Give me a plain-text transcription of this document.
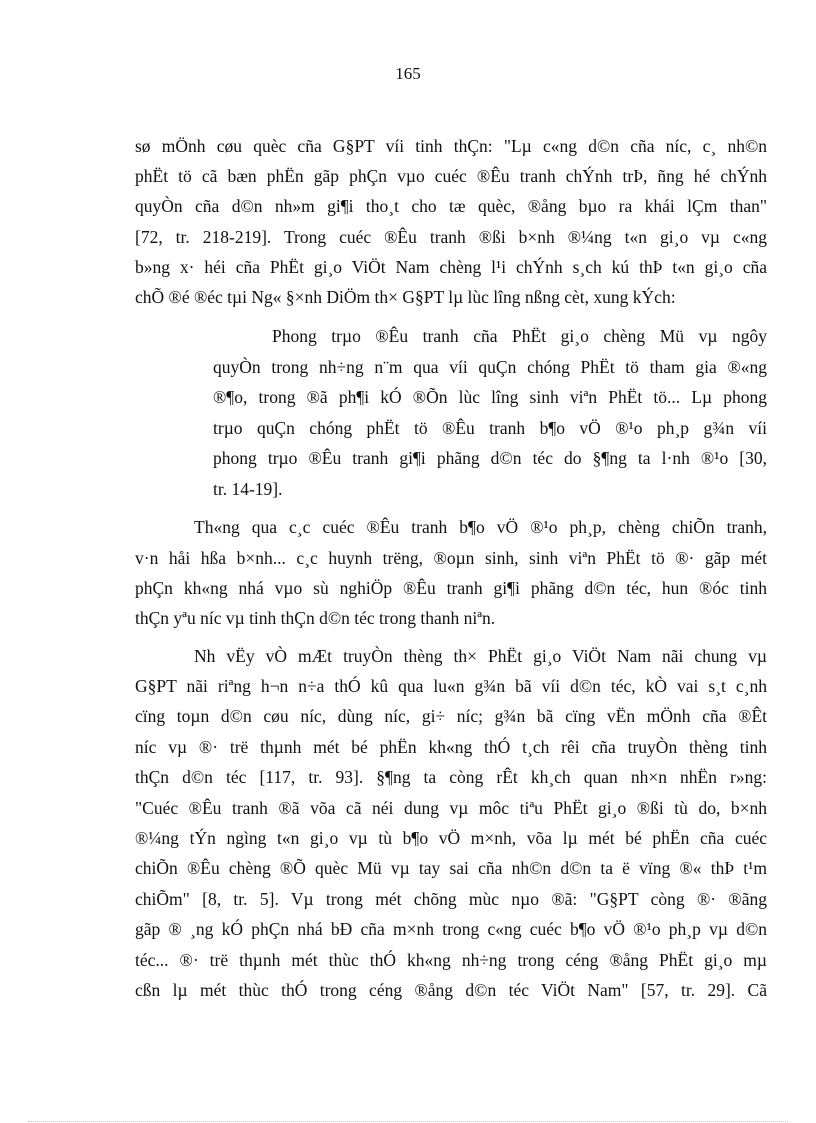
165
sø mÖnh cøu quèc cña G§PT víi tinh thÇn: "Lµ c«ng d©n cña níc, c¸ nh©n
phËt tö cã bæn phËn gãp phÇn vµo cuéc ®Êu tranh chÝnh trÞ, ñng hé chÝnh
quyÒn cña d©n nh»m gi¶i tho¸t cho tæ quèc, ®ång bµo ra khái lÇm than"
[72, tr. 218-219]. Trong cuéc ®Êu tranh ®ßi b×nh ®¼ng t«n gi¸o vµ c«ng
b»ng x· héi cña PhËt gi¸o ViÖt Nam chèng l¹i chÝnh s¸ch kú thÞ t«n gi¸o cña
chÕ ®é ®éc tµi Ng« §×nh DiÖm th× G§PT lµ lùc lîng nßng cèt, xung kÝch:
Phong trµo ®Êu tranh cña PhËt gi¸o chèng Mü vµ ngôy
quyÒn trong nh÷ng n¨m qua víi quÇn chóng PhËt tö tham gia ®«ng
®¶o, trong ®ã ph¶i kÓ ®Õn lùc lîng sinh viªn PhËt tö... Lµ phong
trµo quÇn chóng phËt tö ®Êu tranh b¶o vÖ ®¹o ph¸p g¾n víi
phong trµo ®Êu tranh gi¶i phãng d©n téc do §¶ng ta l·nh ®¹o [30,
tr. 14-19].
Th«ng qua c¸c cuéc ®Êu tranh b¶o vÖ ®¹o ph¸p, chèng chiÕn tranh,
v·n håi hßa b×nh... c¸c huynh trëng, ®oµn sinh, sinh viªn PhËt tö ®· gãp mét
phÇn kh«ng nhá vµo sù nghiÖp ®Êu tranh gi¶i phãng d©n téc, hun ®óc tinh
thÇn yªu níc vµ tinh thÇn d©n téc trong thanh niªn.
Nh vËy vÒ mÆt truyÒn thèng th× PhËt gi¸o ViÖt Nam nãi chung vµ
G§PT nãi riªng h¬n n÷a thÓ kû qua lu«n g¾n bã víi d©n téc, kÒ vai s¸t c¸nh
cïng toµn d©n cøu níc, dùng níc, gi÷ níc; g¾n bã cïng vËn mÖnh cña ®Êt
níc vµ ®· trë thµnh mét bé phËn kh«ng thÓ t¸ch rêi cña truyÒn thèng tinh
thÇn d©n téc [117, tr. 93]. §¶ng ta còng rÊt kh¸ch quan nh×n nhËn r»ng:
"Cuéc ®Êu tranh ®ã võa cã néi dung vµ môc tiªu PhËt gi¸o ®ßi tù do, b×nh
®¼ng tÝn ngìng t«n gi¸o vµ tù b¶o vÖ m×nh, võa lµ mét bé phËn cña cuéc
chiÕn ®Êu chèng ®Õ quèc Mü vµ tay sai cña nh©n d©n ta ë vïng ®« thÞ t¹m
chiÕm" [8, tr. 5]. Vµ trong mét chõng mùc nµo ®ã: "G§PT còng ®· ®ãng
gãp ® ¸ng kÓ phÇn nhá bÐ cña m×nh trong c«ng cuéc b¶o vÖ ®¹o ph¸p vµ d©n
téc... ®· trë thµnh mét thùc thÓ kh«ng nh÷ng trong céng ®ång PhËt gi¸o mµ
cßn lµ mét thùc thÓ trong céng ®ång d©n téc ViÖt Nam" [57, tr. 29]. Cã
